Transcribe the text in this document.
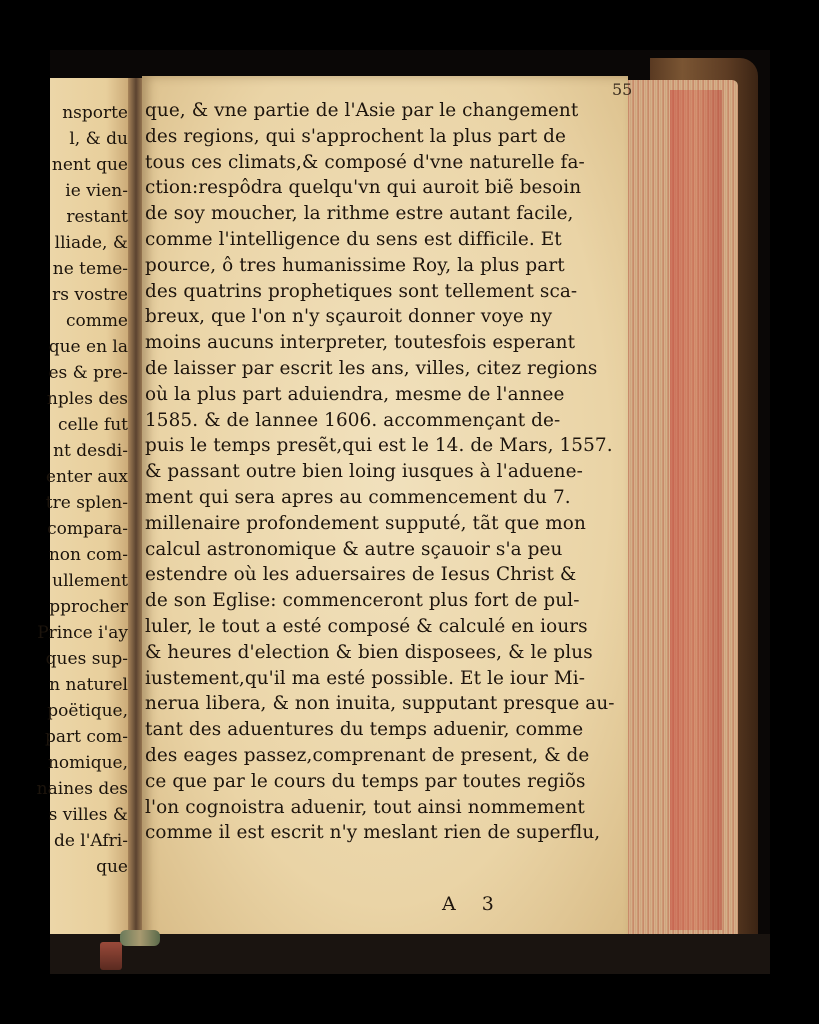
nsporte
l, & du
nent que
ie vien-
restant
lliade, &
ne teme-
rs vostre
comme
que en la
es & pre-
nples des
celle fut
nt desdi-
enter aux
tre splen-
compara-
non com-
ullement
pprocher
Prince i'ay
ques sup-
n naturel
poëtique,
part com-
nomique,
naines des
s villes &
de l'Afri-
que
55
que, & vne partie de l'Asie par le changement
des regions, qui s'approchent la plus part de
tous ces climats,& composé d'vne naturelle fa-
ction:respôdra quelqu'vn qui auroit biẽ besoin
de soy moucher, la rithme estre autant facile,
comme l'intelligence du sens est difficile. Et
pource, ô tres humanissime Roy, la plus part
des quatrins prophetiques sont tellement sca-
breux, que l'on n'y sçauroit donner voye ny
moins aucuns interpreter, toutesfois esperant
de laisser par escrit les ans, villes, citez regions
où la plus part aduiendra, mesme de l'annee
1585. & de lannee 1606. accommençant de-
puis le temps presẽt,qui est le 14. de Mars, 1557.
& passant outre bien loing iusques à l'aduene-
ment qui sera apres au commencement du 7.
millenaire profondement supputé, tãt que mon
calcul astronomique & autre sçauoir s'a peu
estendre où les aduersaires de Iesus Christ &
de son Eglise: commenceront plus fort de pul-
luler, le tout a esté composé & calculé en iours
& heures d'election & bien disposees, & le plus
iustement,qu'il ma esté possible. Et le iour Mi-
nerua libera, & non inuita, supputant presque au-
tant des aduentures du temps aduenir, comme
des eages passez,comprenant de present, & de
ce que par le cours du temps par toutes regiõs
l'on cognoistra aduenir, tout ainsi nommement
comme il est escrit n'y meslant rien de superflu,
A 3
